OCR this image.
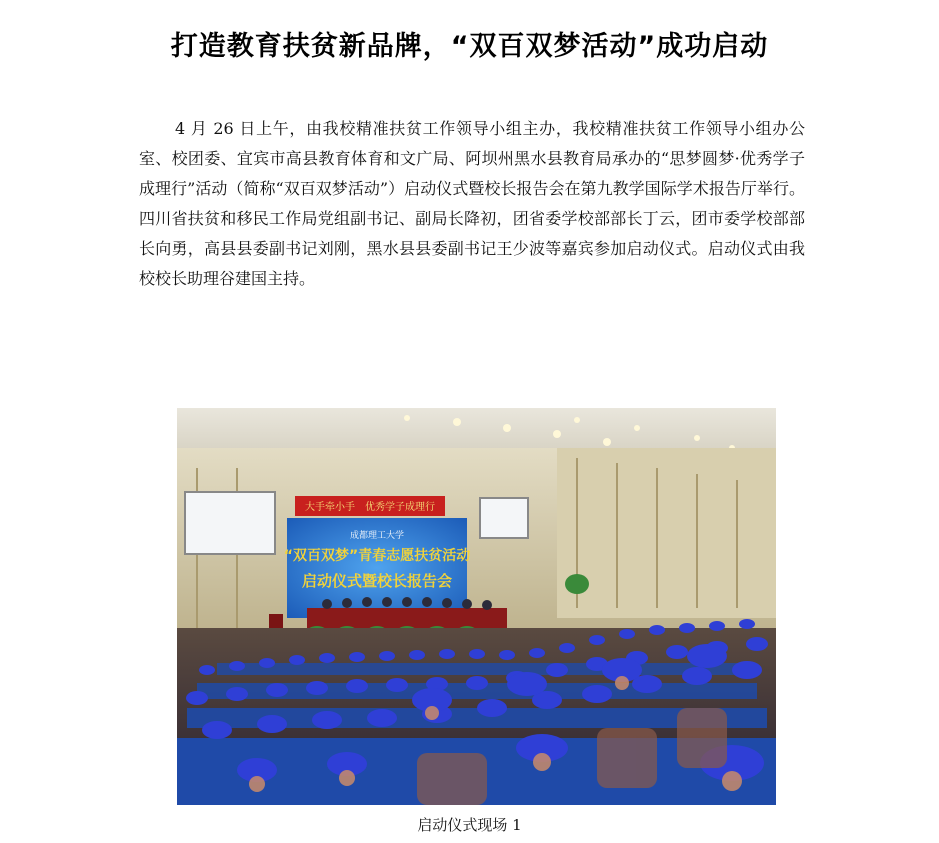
打造教育扶贫新品牌，“双百双梦活动”成功启动

4 月 26 日上午，由我校精准扶贫工作领导小组主办，我校精准扶贫工作领导小组办公室、校团委、宜宾市高县教育体育和文广局、阿坝州黑水县教育局承办的“思梦圆梦·优秀学子成理行”活动（简称“双百双梦活动”）启动仪式暨校长报告会在第九教学国际学术报告厅举行。四川省扶贫和移民工作局党组副书记、副局长降初，团省委学校部部长丁云，团市委学校部部长向勇，高县县委副书记刘刚，黑水县县委副书记王少波等嘉宾参加启动仪式。启动仪式由我校校长助理谷建国主持。

大手牵小手　优秀学子成理行
成都理工大学
“双百双梦”青春志愿扶贫活动
启动仪式暨校长报告会
启动仪式现场 1
